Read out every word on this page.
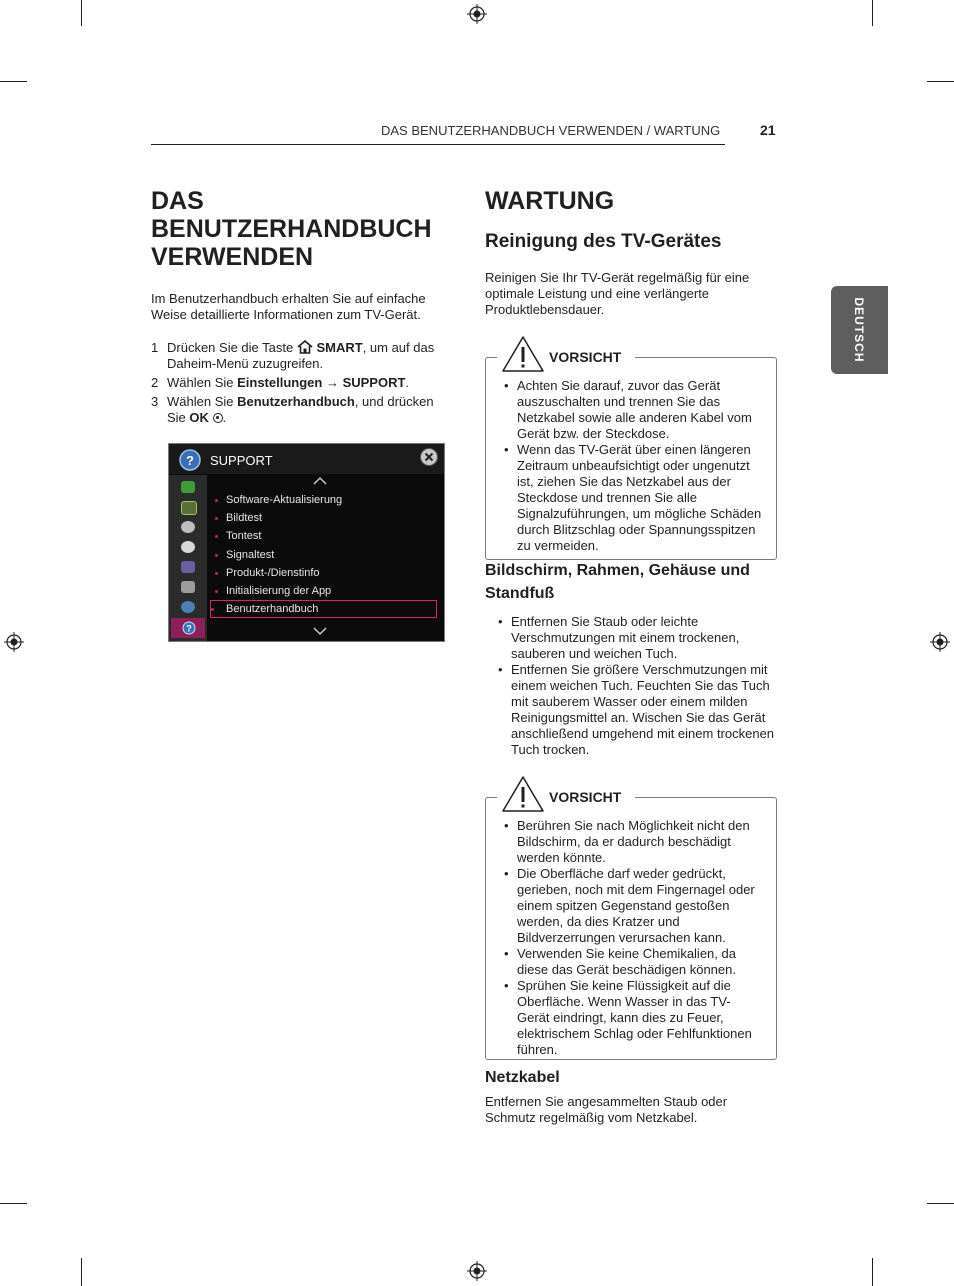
DAS BENUTZERHANDBUCH VERWENDEN / WARTUNG	21
DEUTSCH
DAS
BENUTZERHANDBUCH
VERWENDEN
Im Benutzerhandbuch erhalten Sie auf einfache Weise detaillierte Informationen zum TV-Gerät.
1 Drücken Sie die Taste  SMART, um auf das Daheim-Menü zuzugreifen.
2 Wählen Sie Einstellungen → SUPPORT.
3 Wählen Sie Benutzerhandbuch, und drücken Sie OK .
? SUPPORT
?
Software-Aktualisierung
Bildtest
Tontest
Signaltest
Produkt-/Dienstinfo
Initialisierung der App
Benutzerhandbuch
WARTUNG
Reinigung des TV-Gerätes
Reinigen Sie Ihr TV-Gerät regelmäßig für eine optimale Leistung und eine verlängerte Produktlebensdauer.
VORSICHT
• Achten Sie darauf, zuvor das Gerät auszuschalten und trennen Sie das Netzkabel sowie alle anderen Kabel vom Gerät bzw. der Steckdose.
• Wenn das TV-Gerät über einen längeren Zeitraum unbeaufsichtigt oder ungenutzt ist, ziehen Sie das Netzkabel aus der Steckdose und trennen Sie alle Signalzuführungen, um mögliche Schäden durch Blitzschlag oder Spannungsspitzen zu vermeiden.
Bildschirm, Rahmen, Gehäuse und Standfuß
• Entfernen Sie Staub oder leichte Verschmutzungen mit einem trockenen, sauberen und weichen Tuch.
• Entfernen Sie größere Verschmutzungen mit einem weichen Tuch. Feuchten Sie das Tuch mit sauberem Wasser oder einem milden Reinigungsmittel an. Wischen Sie das Gerät anschließend umgehend mit einem trockenen Tuch trocken.
VORSICHT
• Berühren Sie nach Möglichkeit nicht den Bildschirm, da er dadurch beschädigt werden könnte.
• Die Oberfläche darf weder gedrückt, gerieben, noch mit dem Fingernagel oder einem spitzen Gegenstand gestoßen werden, da dies Kratzer und Bildverzerrungen verursachen kann.
• Verwenden Sie keine Chemikalien, da diese das Gerät beschädigen können.
• Sprühen Sie keine Flüssigkeit auf die Oberfläche. Wenn Wasser in das TV-Gerät eindringt, kann dies zu Feuer, elektrischem Schlag oder Fehlfunktionen führen.
Netzkabel
Entfernen Sie angesammelten Staub oder Schmutz regelmäßig vom Netzkabel.
